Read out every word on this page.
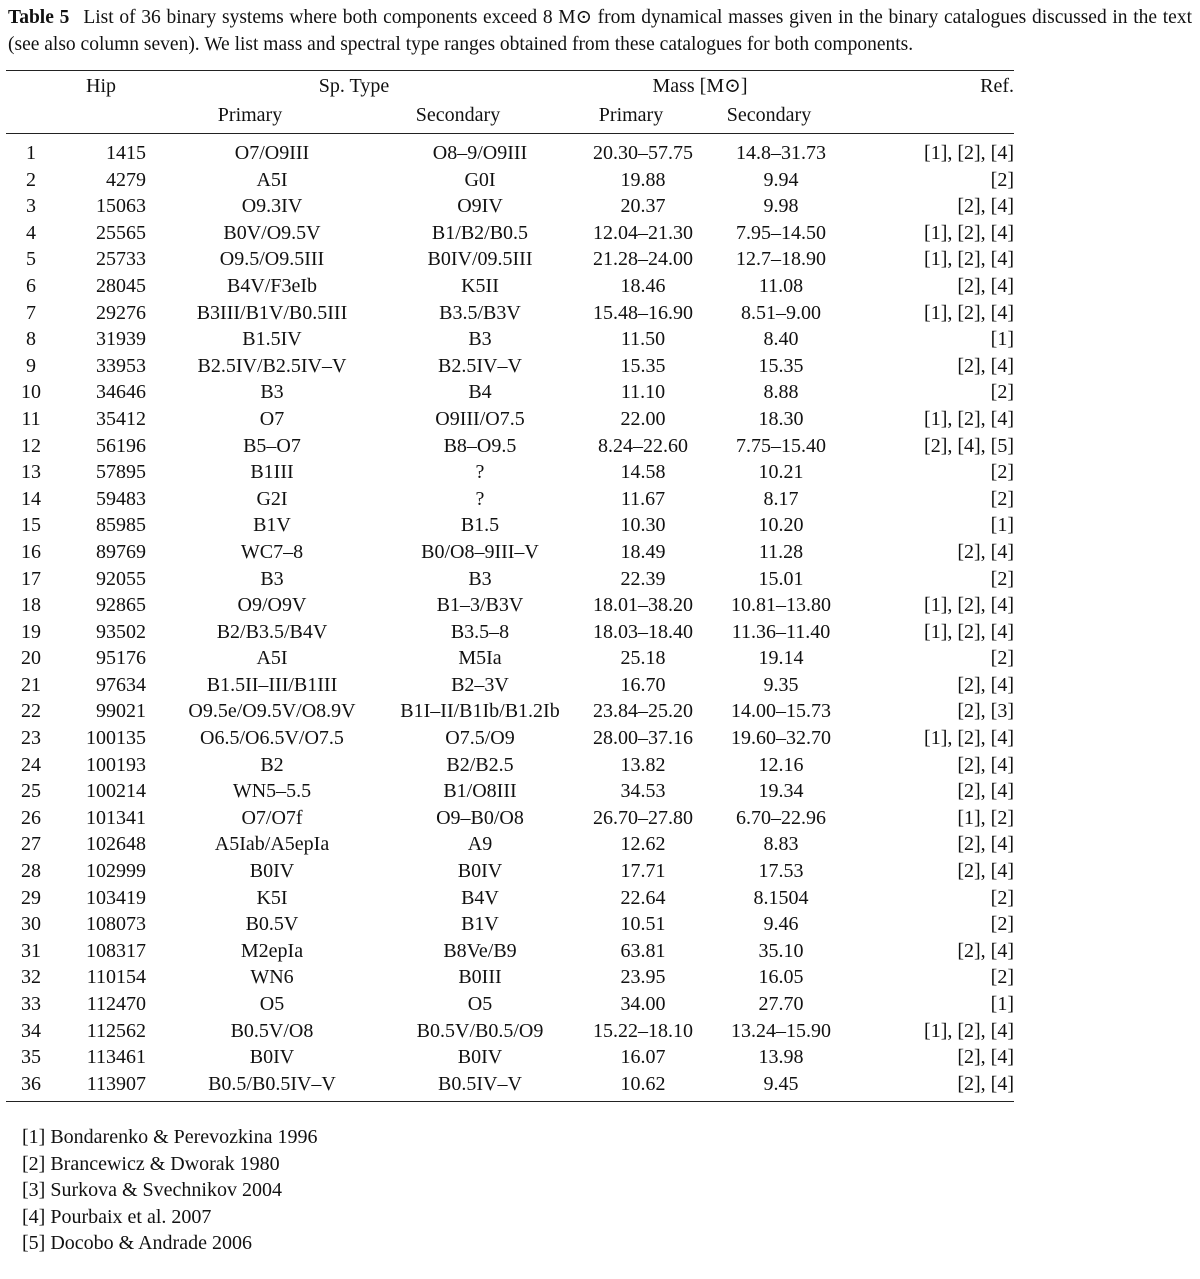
Table 5 List of 36 binary systems where both components exceed 8 M⊙ from dynamical masses given in the binary catalogues discussed in the text (see also column seven). We list mass and spectral type ranges obtained from these catalogues for both components.
	Hip	Sp. Type		Mass [M⊙]		Ref.
		Primary	Secondary	Primary	Secondary	
1	1415	O7/O9III	O8–9/O9III	20.30–57.75	14.8–31.73	[1], [2], [4]
2	4279	A5I	G0I	19.88	9.94	[2]
3	15063	O9.3IV	O9IV	20.37	9.98	[2], [4]
4	25565	B0V/O9.5V	B1/B2/B0.5	12.04–21.30	7.95–14.50	[1], [2], [4]
5	25733	O9.5/O9.5III	B0IV/09.5III	21.28–24.00	12.7–18.90	[1], [2], [4]
6	28045	B4V/F3eIb	K5II	18.46	11.08	[2], [4]
7	29276	B3III/B1V/B0.5III	B3.5/B3V	15.48–16.90	8.51–9.00	[1], [2], [4]
8	31939	B1.5IV	B3	11.50	8.40	[1]
9	33953	B2.5IV/B2.5IV–V	B2.5IV–V	15.35	15.35	[2], [4]
10	34646	B3	B4	11.10	8.88	[2]
11	35412	O7	O9III/O7.5	22.00	18.30	[1], [2], [4]
12	56196	B5–O7	B8–O9.5	8.24–22.60	7.75–15.40	[2], [4], [5]
13	57895	B1III	?	14.58	10.21	[2]
14	59483	G2I	?	11.67	8.17	[2]
15	85985	B1V	B1.5	10.30	10.20	[1]
16	89769	WC7–8	B0/O8–9III–V	18.49	11.28	[2], [4]
17	92055	B3	B3	22.39	15.01	[2]
18	92865	O9/O9V	B1–3/B3V	18.01–38.20	10.81–13.80	[1], [2], [4]
19	93502	B2/B3.5/B4V	B3.5–8	18.03–18.40	11.36–11.40	[1], [2], [4]
20	95176	A5I	M5Ia	25.18	19.14	[2]
21	97634	B1.5II–III/B1III	B2–3V	16.70	9.35	[2], [4]
22	99021	O9.5e/O9.5V/O8.9V	B1I–II/B1Ib/B1.2Ib	23.84–25.20	14.00–15.73	[2], [3]
23	100135	O6.5/O6.5V/O7.5	O7.5/O9	28.00–37.16	19.60–32.70	[1], [2], [4]
24	100193	B2	B2/B2.5	13.82	12.16	[2], [4]
25	100214	WN5–5.5	B1/O8III	34.53	19.34	[2], [4]
26	101341	O7/O7f	O9–B0/O8	26.70–27.80	6.70–22.96	[1], [2]
27	102648	A5Iab/A5epIa	A9	12.62	8.83	[2], [4]
28	102999	B0IV	B0IV	17.71	17.53	[2], [4]
29	103419	K5I	B4V	22.64	8.1504	[2]
30	108073	B0.5V	B1V	10.51	9.46	[2]
31	108317	M2epIa	B8Ve/B9	63.81	35.10	[2], [4]
32	110154	WN6	B0III	23.95	16.05	[2]
33	112470	O5	O5	34.00	27.70	[1]
34	112562	B0.5V/O8	B0.5V/B0.5/O9	15.22–18.10	13.24–15.90	[1], [2], [4]
35	113461	B0IV	B0IV	16.07	13.98	[2], [4]
36	113907	B0.5/B0.5IV–V	B0.5IV–V	10.62	9.45	[2], [4]
[1] Bondarenko & Perevozkina 1996
[2] Brancewicz & Dworak 1980
[3] Surkova & Svechnikov 2004
[4] Pourbaix et al. 2007
[5] Docobo & Andrade 2006
